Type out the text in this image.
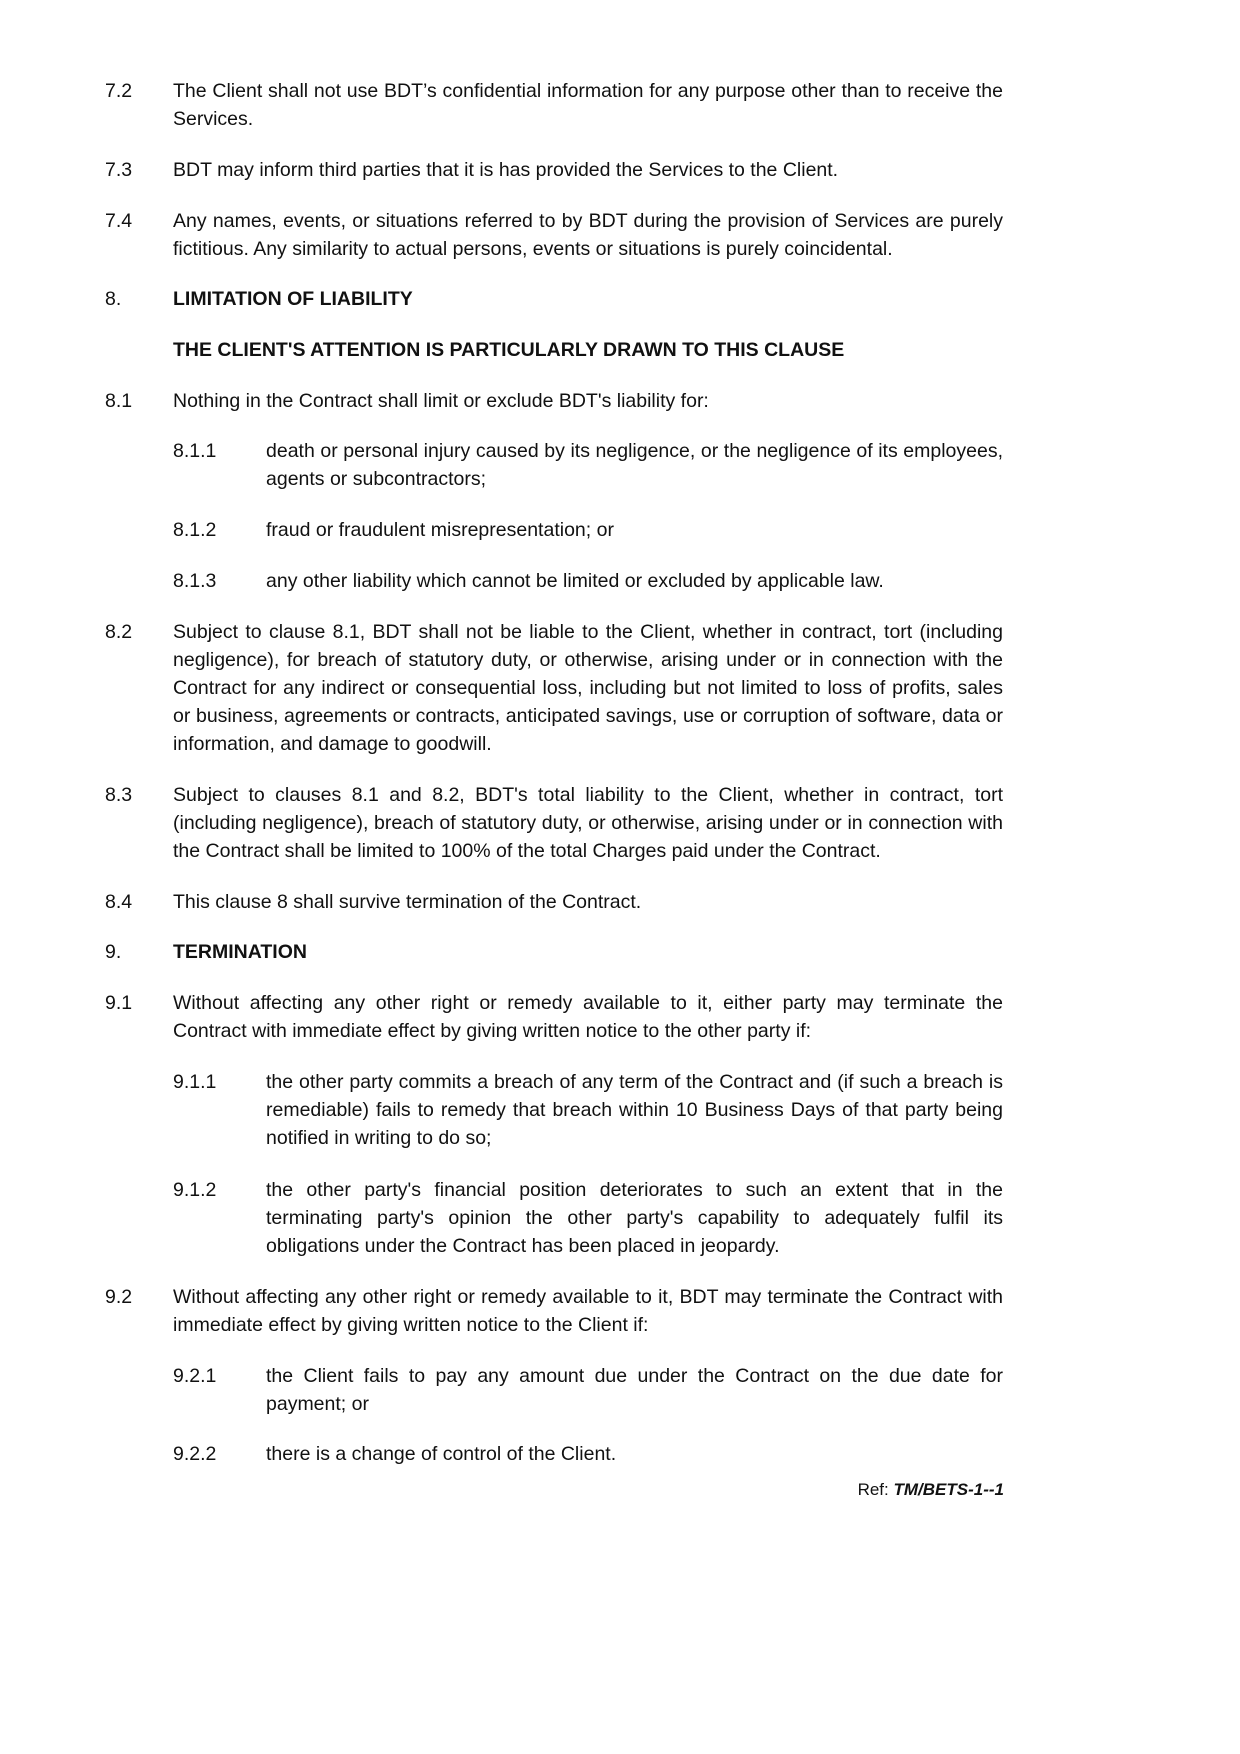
7.2	The Client shall not use BDT’s confidential information for any purpose other than to receive the Services.
7.3	BDT may inform third parties that it is has provided the Services to the Client.
7.4	Any names, events, or situations referred to by BDT during the provision of Services are purely fictitious. Any similarity to actual persons, events or situations is purely coincidental.
8.	LIMITATION OF LIABILITY
THE CLIENT'S ATTENTION IS PARTICULARLY DRAWN TO THIS CLAUSE
8.1	Nothing in the Contract shall limit or exclude BDT's liability for:
8.1.1	death or personal injury caused by its negligence, or the negligence of its employees, agents or subcontractors;
8.1.2	fraud or fraudulent misrepresentation; or
8.1.3	any other liability which cannot be limited or excluded by applicable law.
8.2	Subject to clause 8.1, BDT shall not be liable to the Client, whether in contract, tort (including negligence), for breach of statutory duty, or otherwise, arising under or in connection with the Contract for any indirect or consequential loss, including but not limited to loss of profits, sales or business, agreements or contracts, anticipated savings, use or corruption of software, data or information, and damage to goodwill.
8.3	Subject to clauses 8.1 and 8.2, BDT's total liability to the Client, whether in contract, tort (including negligence), breach of statutory duty, or otherwise, arising under or in connection with the Contract shall be limited to 100% of the total Charges paid under the Contract.
8.4	This clause 8 shall survive termination of the Contract.
9.	TERMINATION
9.1	Without affecting any other right or remedy available to it, either party may terminate the Contract with immediate effect by giving written notice to the other party if:
9.1.1	the other party commits a breach of any term of the Contract and (if such a breach is remediable) fails to remedy that breach within 10 Business Days of that party being notified in writing to do so;
9.1.2	the other party's financial position deteriorates to such an extent that in the terminating party's opinion the other party's capability to adequately fulfil its obligations under the Contract has been placed in jeopardy.
9.2	Without affecting any other right or remedy available to it, BDT may terminate the Contract with immediate effect by giving written notice to the Client if:
9.2.1	the Client fails to pay any amount due under the Contract on the due date for payment; or
9.2.2	there is a change of control of the Client.
Ref: TM/BETS-1--1
